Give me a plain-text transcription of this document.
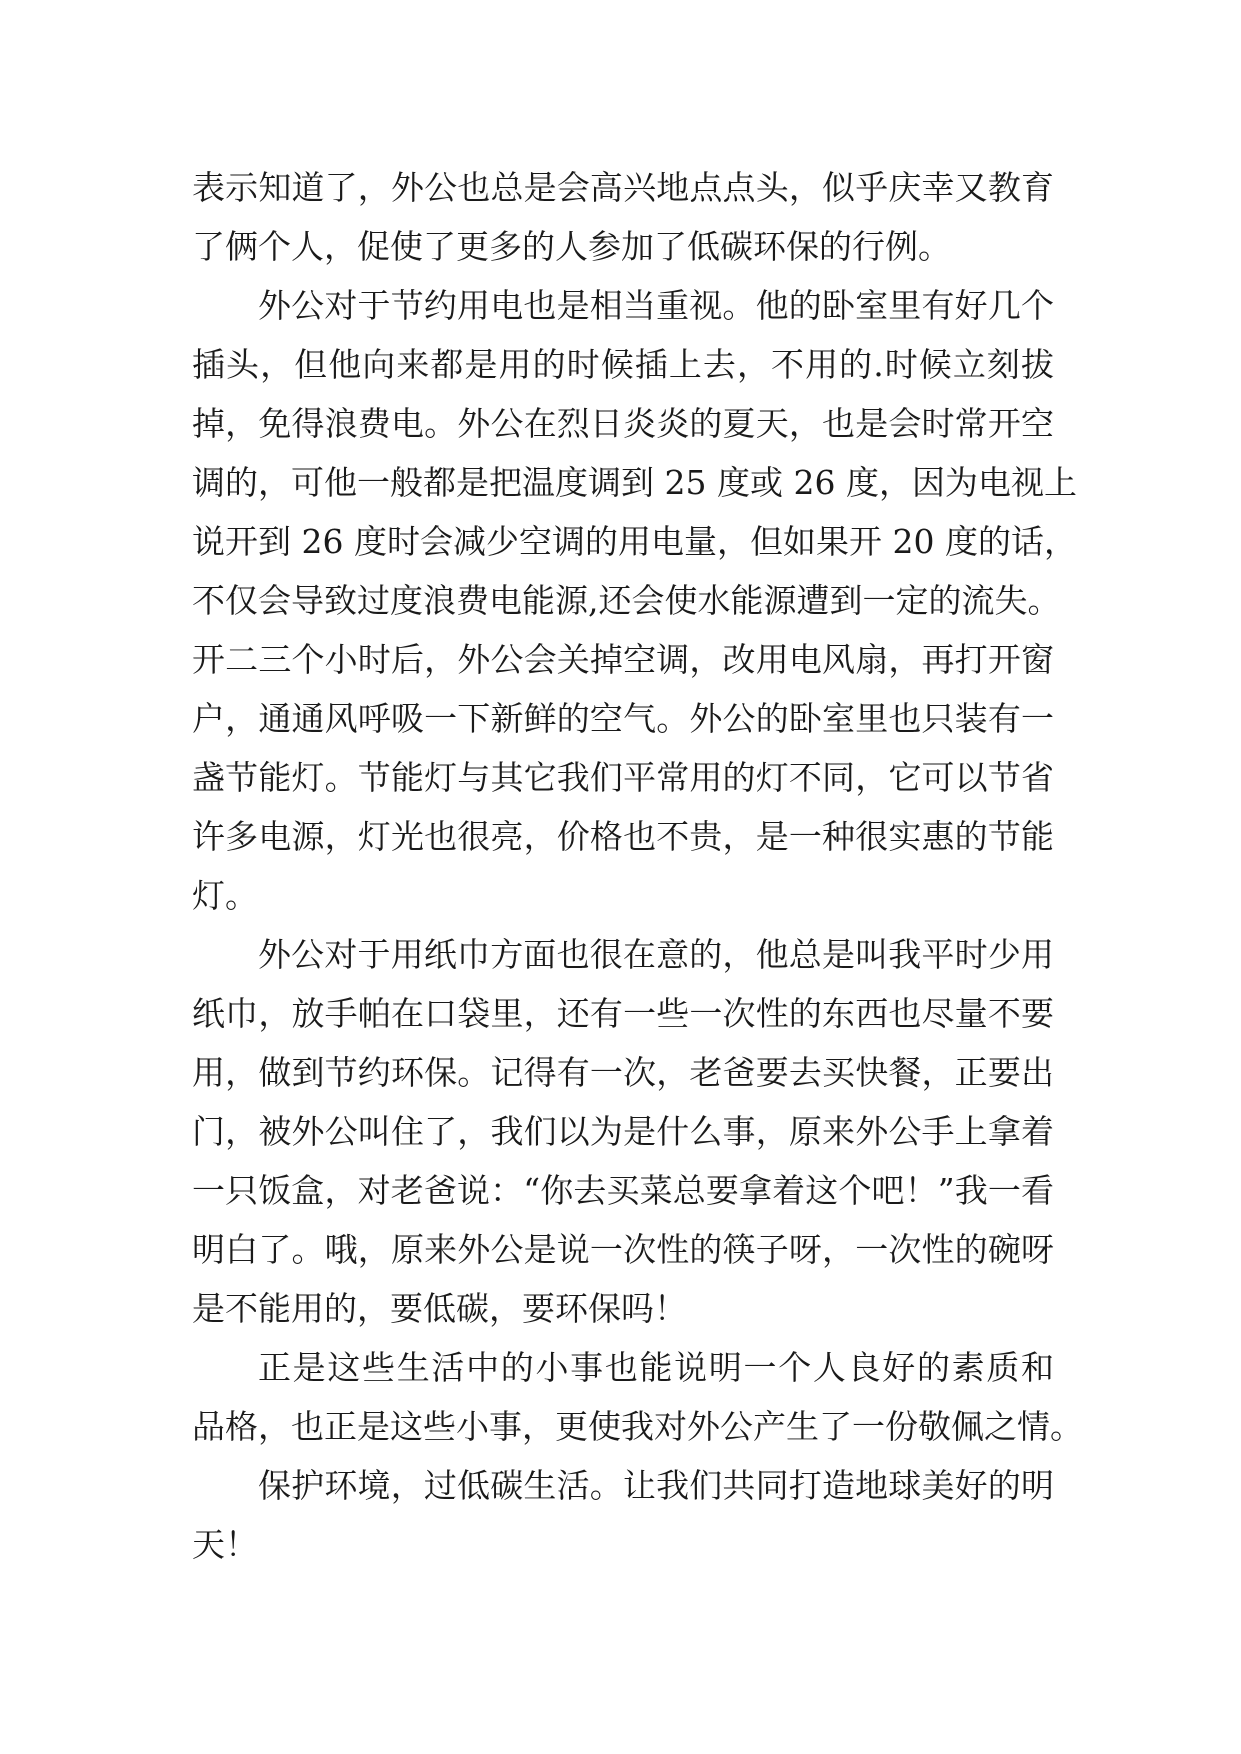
表示知道了，外公也总是会高兴地点点头，似乎庆幸又教育
了俩个人，促使了更多的人参加了低碳环保的行例。
外公对于节约用电也是相当重视。他的卧室里有好几个
插头，但他向来都是用的时候插上去，不用的.时候立刻拔
掉，免得浪费电。外公在烈日炎炎的夏天，也是会时常开空
调的，可他一般都是把温度调到 25 度或 26 度，因为电视上
说开到 26 度时会减少空调的用电量，但如果开 20 度的话，
不仅会导致过度浪费电能源,还会使水能源遭到一定的流失。
开二三个小时后，外公会关掉空调，改用电风扇，再打开窗
户，通通风呼吸一下新鲜的空气。外公的卧室里也只装有一
盏节能灯。节能灯与其它我们平常用的灯不同，它可以节省
许多电源，灯光也很亮，价格也不贵，是一种很实惠的节能
灯。
外公对于用纸巾方面也很在意的，他总是叫我平时少用
纸巾，放手帕在口袋里，还有一些一次性的东西也尽量不要
用，做到节约环保。记得有一次，老爸要去买快餐，正要出
门，被外公叫住了，我们以为是什么事，原来外公手上拿着
一只饭盒，对老爸说：“你去买菜总要拿着这个吧！”我一看
明白了。哦，原来外公是说一次性的筷子呀，一次性的碗呀
是不能用的，要低碳，要环保吗！
正是这些生活中的小事也能说明一个人良好的素质和
品格，也正是这些小事，更使我对外公产生了一份敬佩之情。
保护环境，过低碳生活。让我们共同打造地球美好的明
天！
